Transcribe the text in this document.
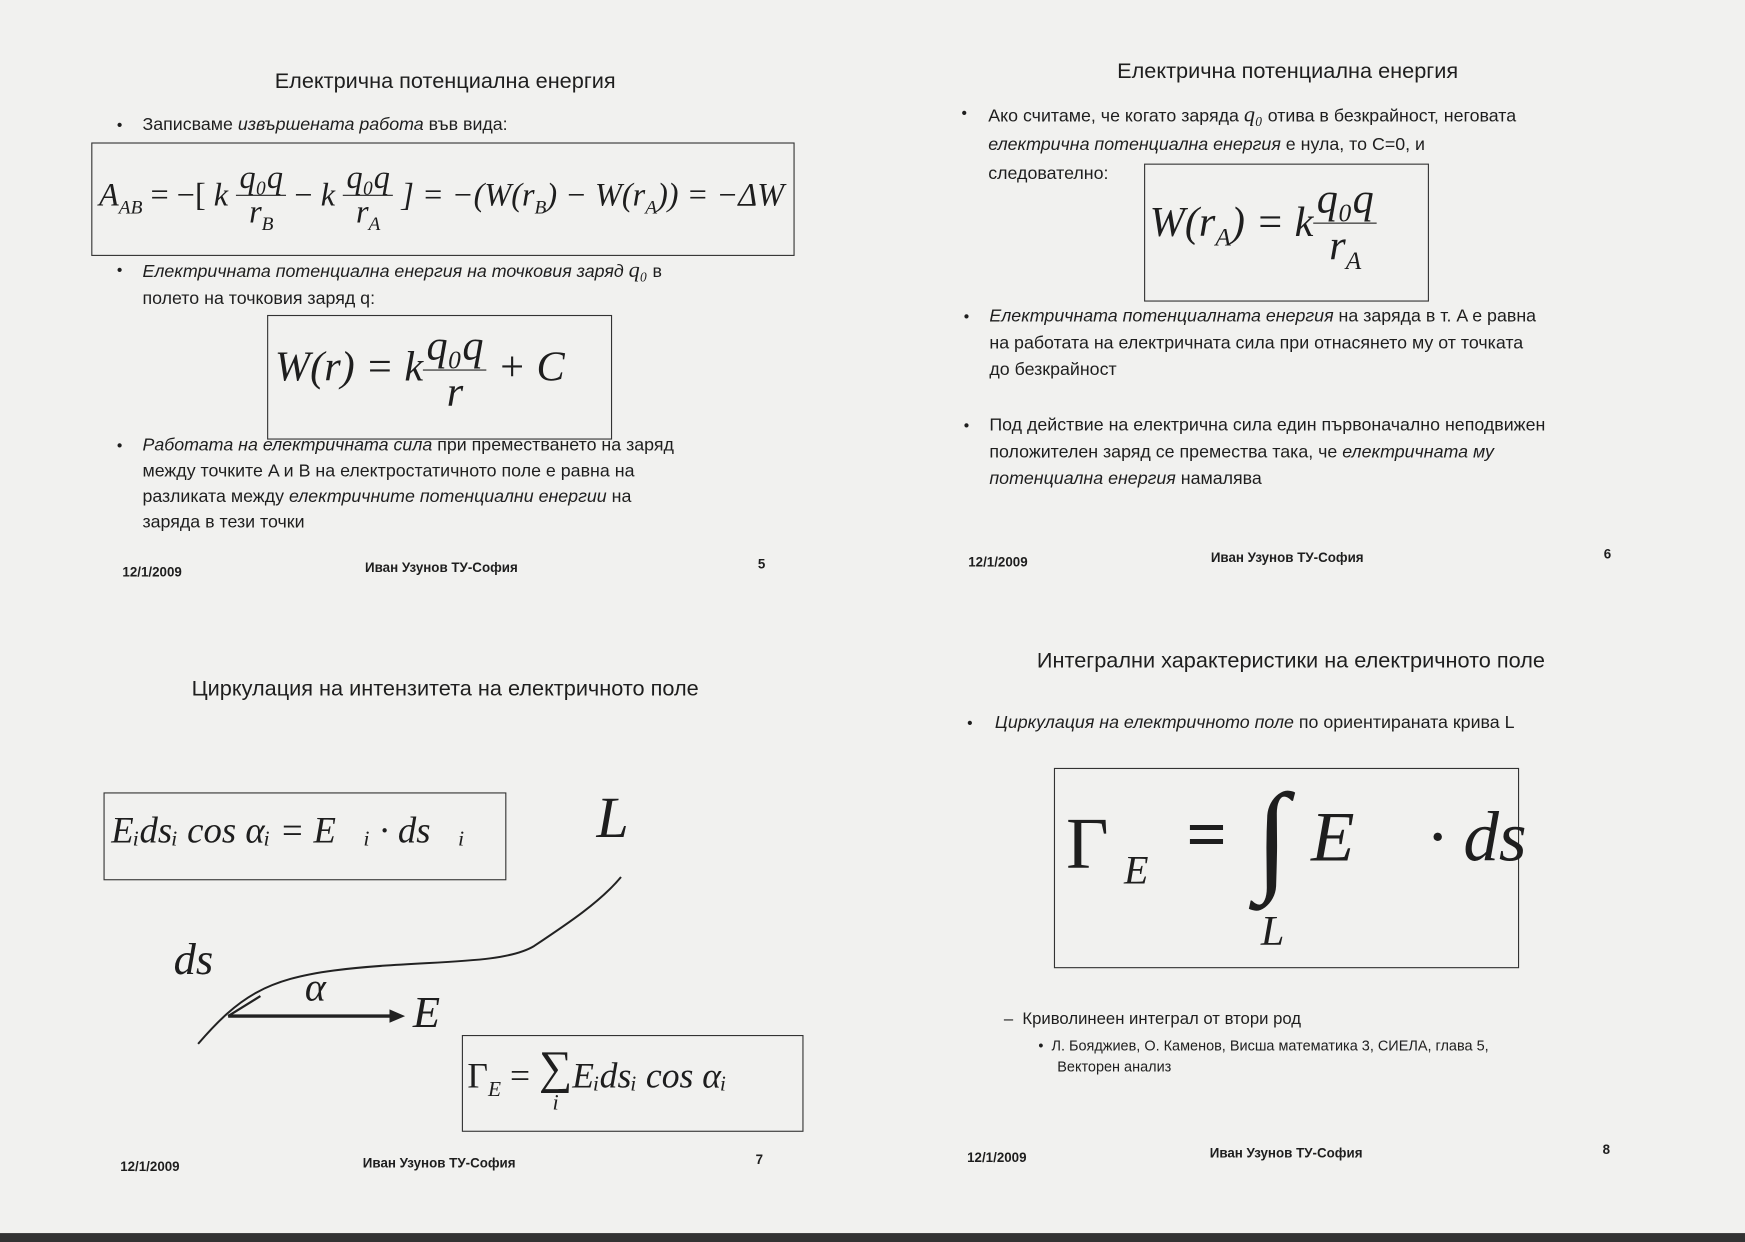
Електрична потенциална енергия
• Записваме извършената работа във вида:
$A_{AB}$ = −[ k $\frac{\text{q₀q}}{r_B} - k \frac{\text{q₀q}}{r_A}$ ] = $-(W(r_B) - W(r_A)) = -\Delta W$
• Електричната потенциална енергия на точковия заряд q₀ в
полето на точковия заряд q:
W(r) = k $\frac{\text{q₀q}}{r} + C$
• Работата на електричната сила при преместването на заряд
между точките A и B на електростатичното поле е равна на
разликата между електричните потенциални енергии на
заряда в тези точки
12/1/2009	Иван Узунов ТУ-София	5
Електрична потенциална енергия
• Ако считаме, че когато заряда q₀ отива в безкрайност, неговата
електрична потенциална енергия е нула, то C=0, и
следователно:
$W(r_A) = k \frac{\text{q₀q}}{r_A}$
• Електричната потенциалната енергия на заряда в т. A е равна
на работата на електричната сила при отнасянето му от точката
до безкрайност
• Под действие на електрична сила един първоначално неподвижен
положителен заряд се премества така, че електричната му
потенциална енергия намалява
12/1/2009	Иван Узунов ТУ-София	6
Циркулация на интензитета на електричното поле
Eᵢdsᵢ cos αᵢ = E⃗ᵢ · ds⃗ᵢ	L
ds⃗
α E⃗
$\Gamma_E$ = ∑
i
Eᵢdsᵢ cos αᵢ
12/1/2009	Иван Узунов ТУ-София	7
Интегрални характеристики на електричното поле
• Циркулация на електричното поле по ориентираната крива L
Γ E = ∫
L
E⃗ · ds⃗
–  Криволинеен интеграл от втори род
•  Л. Бояджиев, О. Каменов, Висша математика 3, СИЕЛА, глава 5,
Векторен анализ
12/1/2009	Иван Узунов ТУ-София	8
